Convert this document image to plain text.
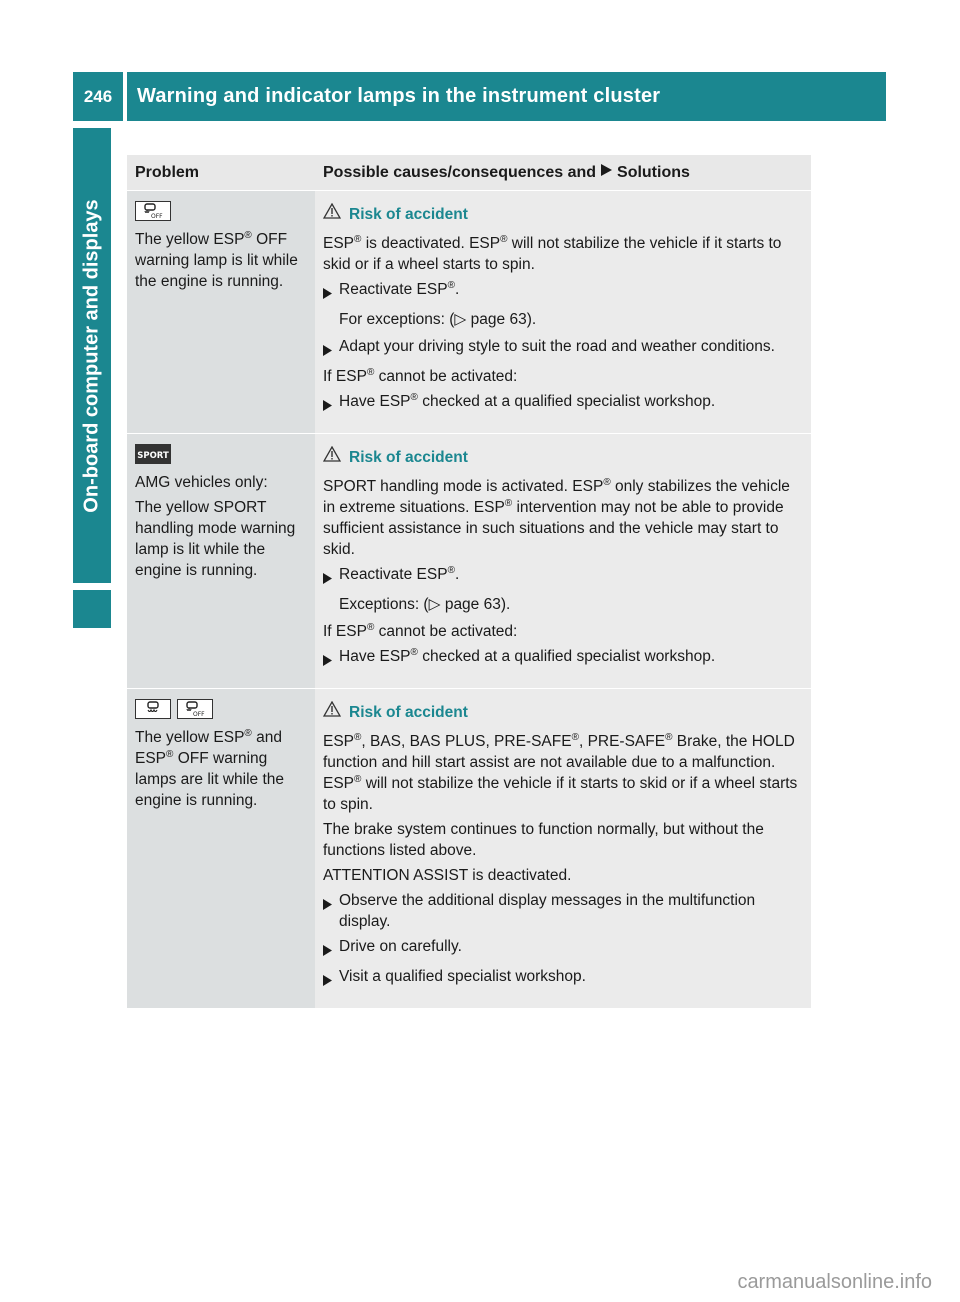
246	Warning and indicator lamps in the instrument cluster
On-board computer and displays
Problem	Possible causes/consequences and Solutions
OFF
The yellow ESP® OFF warning lamp is lit while the engine is running.
Risk of accident

ESP® is deactivated. ESP® will not stabilize the vehicle if it starts to skid or if a wheel starts to spin.

Reactivate ESP®.
For exceptions: (▷ page 63).
Adapt your driving style to suit the road and weather conditions.

If ESP® cannot be activated:

Have ESP® checked at a qualified specialist workshop.
SPORT

AMG vehicles only:

The yellow SPORT handling mode warning lamp is lit while the engine is running.
Risk of accident

SPORT handling mode is activated. ESP® only stabilizes the vehicle in extreme situations. ESP® intervention may not be able to provide sufficient assistance in such situations and the vehicle may start to skid.

Reactivate ESP®.
Exceptions: (▷ page 63).

If ESP® cannot be activated:

Have ESP® checked at a qualified specialist workshop.
OFF
The yellow ESP® and ESP® OFF warning lamps are lit while the engine is running.
Risk of accident

ESP®, BAS, BAS PLUS, PRE-SAFE®, PRE-SAFE® Brake, the HOLD function and hill start assist are not available due to a malfunction. ESP® will not stabilize the vehicle if it starts to skid or if a wheel starts to spin.

The brake system continues to function normally, but without the functions listed above.

ATTENTION ASSIST is deactivated.

Observe the additional display messages in the multifunction display.
Drive on carefully.
Visit a qualified specialist workshop.
carmanualsonline.info
